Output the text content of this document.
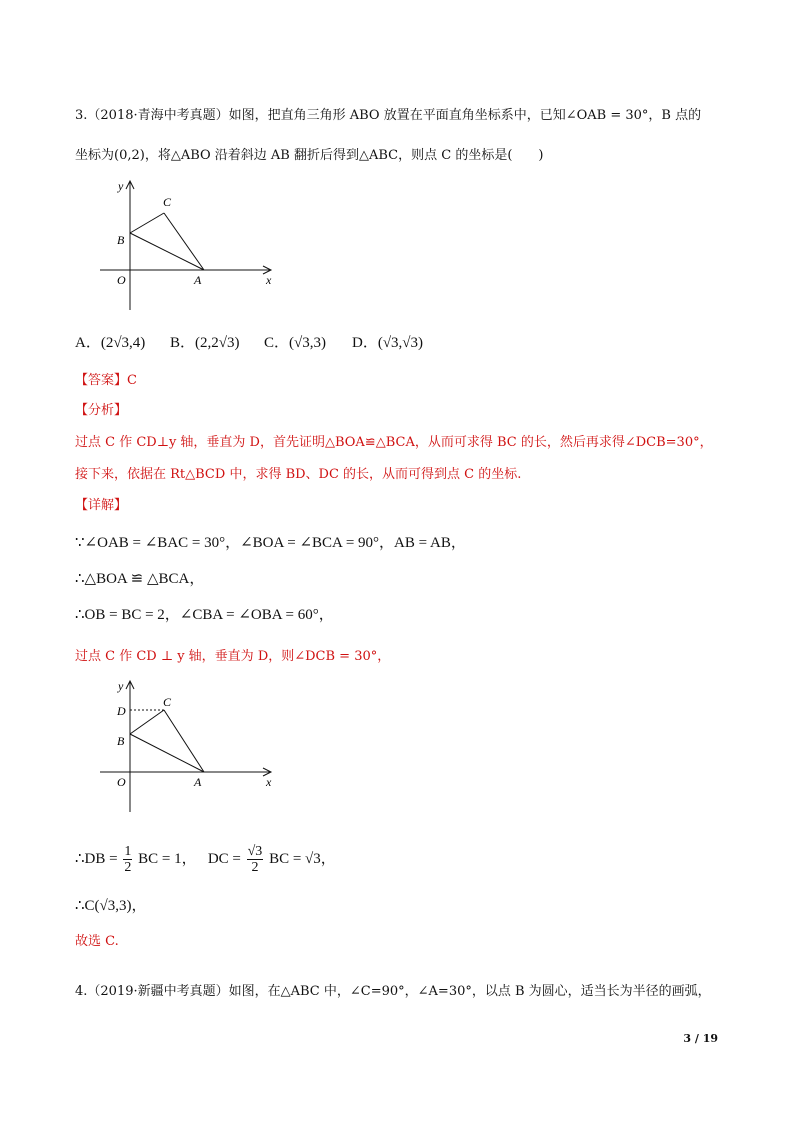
3.（2018·青海中考真题）如图，把直角三角形 ABO 放置在平面直角坐标系中，已知∠OAB = 30°，B 点的
坐标为(0,2)，将△ABO 沿着斜边 AB 翻折后得到△ABC，则点 C 的坐标是(　　)
y
x
O	A
B
C
A．(2√3,4) B．(2,2√3) C．(√3,3) D．(√3,√3)
【答案】C
【分析】
过点 C 作 CD⊥y 轴，垂直为 D，首先证明△BOA≌△BCA，从而可求得 BC 的长，然后再求得∠DCB=30°，
接下来，依据在 Rt△BCD 中，求得 BD、DC 的长，从而可得到点 C 的坐标.
【详解】
∵∠OAB = ∠BAC = 30°，∠BOA = ∠BCA = 90°，AB = AB，
∴△BOA ≌ △BCA，
∴OB = BC = 2，∠CBA = ∠OBA = 60°，
过点 C 作 CD ⊥ y 轴，垂直为 D，则∠DCB = 30°，
y
x
O	A
B
C
D
∴DB = $\frac{1}{2}$ BC = 1， DC = $\frac{√3}{2}$ BC = √3，
∴C(√3,3)，
故选 C.
4.（2019·新疆中考真题）如图，在△ABC 中，∠C=90°，∠A=30°，以点 B 为圆心，适当长为半径的画弧，
3 / 19
